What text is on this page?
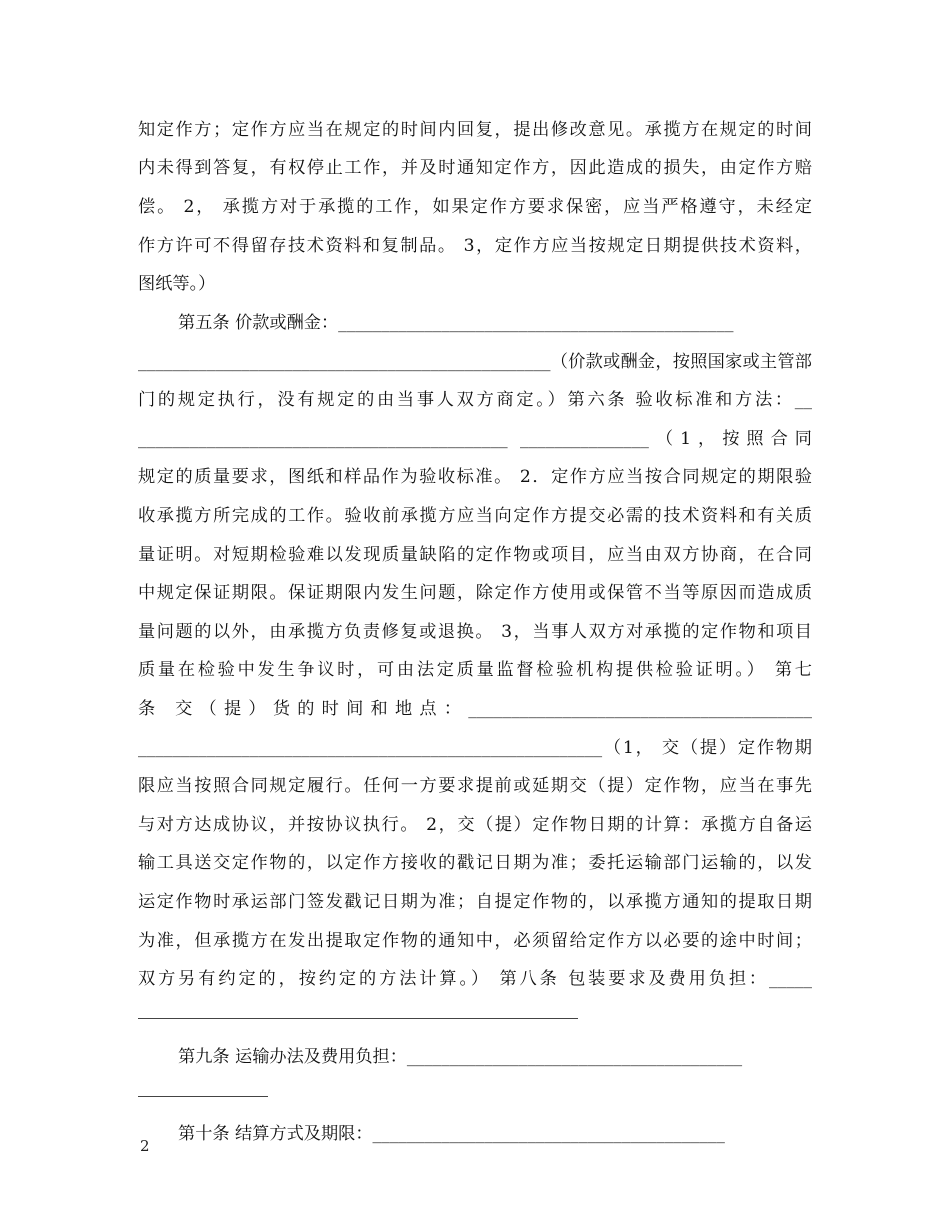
知定作方；定作方应当在规定的时间内回复，提出修改意见。承揽方在规定的时间
内未得到答复，有权停止工作，并及时通知定作方，因此造成的损失，由定作方赔
偿。 2， 承揽方对于承揽的工作，如果定作方要求保密，应当严格遵守，未经定
作方许可不得留存技术资料和复制品。 3，定作方应当按规定日期提供技术资料，
图纸等。）
第五条 价款或酬金：______________________________________________
________________________________________________（价款或酬金，按照国家或主管部
门的规定执行，没有规定的由当事人双方商定。）第六条 验收标准和方法：__
___________________________________________ _______________（1，按照合同
规定的质量要求，图纸和样品作为验收标准。 2．定作方应当按合同规定的期限验
收承揽方所完成的工作。验收前承揽方应当向定作方提交必需的技术资料和有关质
量证明。对短期检验难以发现质量缺陷的定作物或项目，应当由双方协商，在合同
中规定保证期限。保证期限内发生问题，除定作方使用或保管不当等原因而造成质
量问题的以外，由承揽方负责修复或退换。 3，当事人双方对承揽的定作物和项目
质量在检验中发生争议时，可由法定质量监督检验机构提供检验证明。） 第七
条 交（提）货的时间和地点：________________________________________
______________________________________________________（1， 交（提）定作物期
限应当按照合同规定履行。任何一方要求提前或延期交（提）定作物，应当在事先
与对方达成协议，并按协议执行。 2，交（提）定作物日期的计算：承揽方自备运
输工具送交定作物的，以定作方接收的戳记日期为准；委托运输部门运输的，以发
运定作物时承运部门签发戳记日期为准；自提定作物的，以承揽方通知的提取日期
为准，但承揽方在发出提取定作物的通知中，必须留给定作方以必要的途中时间；
双方另有约定的，按约定的方法计算。） 第八条 包装要求及费用负担：_____
第九条 运输办法及费用负担：_______________________________________
第十条 结算方式及期限：_________________________________________
2
